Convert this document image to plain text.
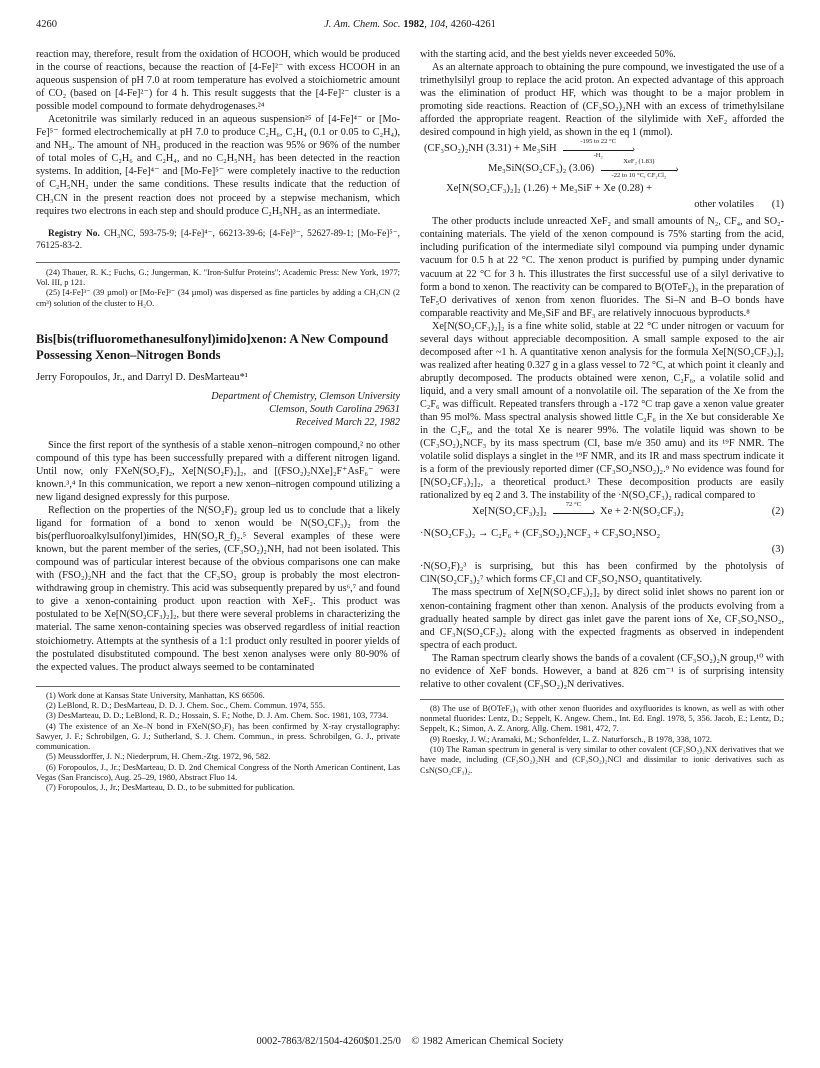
4260	J. Am. Chem. Soc. 1982, 104, 4260-4261

reaction may, therefore, result from the oxidation of HCOOH, which would be produced in the course of reactions, because the reaction of [4-Fe]²⁻ with excess HCOOH in an aqueous suspension of pH 7.0 at room temperature has evolved a stoichiometric amount of CO₂ (based on [4-Fe]²⁻) for 4 h. This result suggests that the [4-Fe]²⁻ cluster is a possible model compound to formate dehydrogenases.²⁴

Acetonitrile was similarly reduced in an aqueous suspension²⁵ of [4-Fe]⁴⁻ or [Mo-Fe]⁵⁻ formed electrochemically at pH 7.0 to produce C₂H₆, C₂H₄ (0.1 or 0.05 to C₂H₄), and NH₃. The amount of NH₃ produced in the reaction was 95% or 96% of the number of total moles of C₂H₆ and C₂H₄, and no C₂H₅NH₂ has been detected in the reaction systems. In addition, [4-Fe]⁴⁻ and [Mo-Fe]⁵⁻ were completely inactive to the reduction of C₂H₅NH₂ under the same conditions. These results indicate that the reduction of CH₃CN in the present reaction does not proceed by a stepwise mechanism, which requires two electrons in each step and should produce C₂H₅NH₂ as an intermediate.

Registry No. CH₃NC, 593-75-9; [4-Fe]⁴⁻, 66213-39-6; [4-Fe]³⁻, 52627-89-1; [Mo-Fe]⁵⁻, 76125-83-2.

(24) Thauer, R. K.; Fuchs, G.; Jungerman, K. "Iron-Sulfur Proteins"; Academic Press: New York, 1977; Vol. III, p 121.

(25) [4-Fe]³⁻ (39 µmol) or [Mo-Fe]³⁻ (34 µmol) was dispersed as fine particles by adding a CH₃CN (2 cm³) solution of the cluster to H₂O.

Bis[bis(trifluoromethanesulfonyl)imido]xenon: A New Compound Possessing Xenon–Nitrogen Bonds

Jerry Foropoulos, Jr., and Darryl D. DesMarteau*¹

Department of Chemistry, Clemson University
Clemson, South Carolina 29631
Received March 22, 1982

Since the first report of the synthesis of a stable xenon–nitrogen compound,² no other compound of this type has been successfully prepared with a different nitrogen ligand. Until now, only FXeN(SO₂F)₂, Xe[N(SO₂F)₂]₂, and [(FSO₂)₂NXe]₂F⁺AsF₆⁻ were known.³,⁴ In this communication, we report a new xenon–nitrogen compound utilizing a new ligand designed expressly for this purpose.

Reflection on the properties of the N(SO₂F)₂ group led us to conclude that a likely ligand for formation of a bond to xenon would be N(SO₂CF₃)₂ from the bis(perfluoroalkylsulfonyl)imides, HN(SO₂R_f)₂.⁵ Several examples of these were known, but the parent member of the series, (CF₃SO₂)₂NH, had not been isolated. This compound was of particular interest because of the obvious comparisons one can make with (FSO₂)₂NH and the fact that the CF₃SO₂ group is probably the most electron-withdrawing group in chemistry. This acid was subsequently prepared by us⁶,⁷ and found to give a xenon-containing product upon reaction with XeF₂. This product was postulated to be Xe[N(SO₂CF₃)₂]₂, but there were several problems in characterizing the material. The same xenon-containing species was observed regardless of initial reaction stoichiometry. Attempts at the synthesis of a 1:1 product only resulted in poorer yields of the postulated disubstituted compound. The best xenon analyses were only 80-90% of the expected values. The product always seemed to be contaminated

(1) Work done at Kansas State University, Manhattan, KS 66506.

(2) LeBlond, R. D.; DesMarteau, D. D. J. Chem. Soc., Chem. Commun. 1974, 555.

(3) DesMarteau, D. D.; LeBlond, R. D.; Hossain, S. F.; Nothe, D. J. Am. Chem. Soc. 1981, 103, 7734.

(4) The existence of an Xe–N bond in FXeN(SO₂F)₂ has been confirmed by X-ray crystallography: Sawyer, J. F.; Schrobilgen, G. J.; Sutherland, S. J. Chem. Commun., in press. Schrobilgen, G. J., private communication.

(5) Meussdorffer, J. N.; Niederprum, H. Chem.-Ztg. 1972, 96, 582.

(6) Foropoulos, J., Jr.; DesMarteau, D. D. 2nd Chemical Congress of the North American Continent, Las Vegas (San Francisco), Aug. 25–29, 1980, Abstract Fluo 14.

(7) Foropoulos, J., Jr.; DesMarteau, D. D., to be submitted for publication.

with the starting acid, and the best yields never exceeded 50%.

As an alternate approach to obtaining the pure compound, we investigated the use of a trimethylsilyl group to replace the acid proton. An expected advantage of this approach was the elimination of product HF, which was thought to be a major problem in promoting side reactions. Reaction of (CF₃SO₂)₂NH with an excess of trimethylsilane afforded the appropriate reagent. Reaction of the silylimide with XeF₂ afforded the desired compound in high yield, as shown in the eq 1 (mmol).

(CF₃SO₂)₂NH (3.31) + Me₃SiH
-195 to 22 °C
›
-H₂
Me₃SiN(SO₂CF₃)₂ (3.06)
XeF₂ (1.83)
›
-22 to 10 °C, CF₂Cl₂
Xe[N(SO₂CF₃)₂]₂ (1.26) + Me₃SiF + Xe (0.28) +
other volatiles (1)

The other products include unreacted XeF₂ and small amounts of N₂, CF₄, and SO₂-containing materials. The yield of the xenon compound is 75% starting from the acid, including purification of the intermediate silyl compound via pumping under dynamic vacuum for 0.5 h at 22 °C. The xenon product is purified by pumping under dynamic vacuum at 22 °C for 3 h. This illustrates the first successful use of a silyl derivative to form a bond to xenon. The reactivity can be compared to B(OTeF₅)₃ in the preparation of TeF₅O derivatives of xenon from xenon fluorides. The Si–N and B–O bonds have comparable reactivity and Me₃SiF and BF₃ are relatively innocuous byproducts.⁸

Xe[N(SO₂CF₃)₂]₂ is a fine white solid, stable at 22 °C under nitrogen or vacuum for several days without appreciable decomposition. A small sample exposed to the air decomposed after ~1 h. A quantitative xenon analysis for the formula Xe[N(SO₂CF₃)₂]₂ was realized after heating 0.327 g in a glass vessel to 72 °C, at which point it cleanly and abruptly decomposed. The products obtained were xenon, C₂F₆, a volatile solid and liquid, and a very small amount of a nonvolatile oil. The separation of the Xe from the C₂F₆ was difficult. Repeated transfers through a -172 °C trap gave a xenon value greater than 95 mol%. Mass spectral analysis showed little C₂F₆ in the Xe but considerable Xe in the C₂F₆, and the total Xe is nearer 99%. The volatile liquid was shown to be (CF₃SO₂)₂NCF₃ by its mass spectrum (CI, base m/e 350 amu) and its ¹⁹F NMR. The volatile solid displays a singlet in the ¹⁹F NMR, and its IR and mass spectrum indicate it is a form of the previously reported dimer (CF₃SO₂NSO₂)₂.⁹ No evidence was found for [N(SO₂CF₃)₂]₂, a theoretical product.³ These decomposition products are easily rationalized by eq 2 and 3. The instability of the ·N(SO₂CF₃)₂ radical compared to

Xe[N(SO₂CF₃)₂]₂
72 °C
› Xe + 2·N(SO₂CF₃)₂	(2)
·N(SO₂CF₃)₂ → C₂F₆ + (CF₃SO₂)₂NCF₃ + CF₃SO₂NSO₂
(3)

·N(SO₂F)₂³ is surprising, but this has been confirmed by the photolysis of ClN(SO₂CF₃)₂⁷ which forms CF₃Cl and CF₃SO₂NSO₂ quantitatively.

The mass spectrum of Xe[N(SO₂CF₃)₂]₂ by direct solid inlet shows no parent ion or xenon-containing fragment other than xenon. Analysis of the products evolving from a gradually heated sample by direct gas inlet gave the parent ions of Xe, CF₃SO₂NSO₂, and CF₃N(SO₂CF₃)₂ along with the expected fragments as observed in independent spectra of each product.

The Raman spectrum clearly shows the bands of a covalent (CF₃SO₂)₂N group,¹⁰ with no evidence of XeF bonds. However, a band at 826 cm⁻¹ is of surprising intensity relative to other covalent (CF₃SO₂)₂N derivatives.

(8) The use of B(OTeF₅)₃ with other xenon fluorides and oxyfluorides is known, as well as with other nonmetal fluorides: Lentz, D.; Seppelt, K. Angew. Chem., Int. Ed. Engl. 1978, 5, 356. Jacob, E.; Lentz, D.; Seppelt, K.; Simon, A. Z. Anorg. Allg. Chem. 1981, 472, 7.

(9) Roesky, J. W.; Aramaki, M.; Schonfelder, L. Z. Naturforsch., B 1978, 338, 1072.

(10) The Raman spectrum in general is very similar to other covalent (CF₃SO₂)₂NX derivatives that we have made, including (CF₃SO₂)₂NH and (CF₃SO₂)₂NCl and dissimilar to ionic derivatives such as CsN(SO₂CF₃)₂.

0002-7863/82/1504-4260$01.25/0 © 1982 American Chemical Society
